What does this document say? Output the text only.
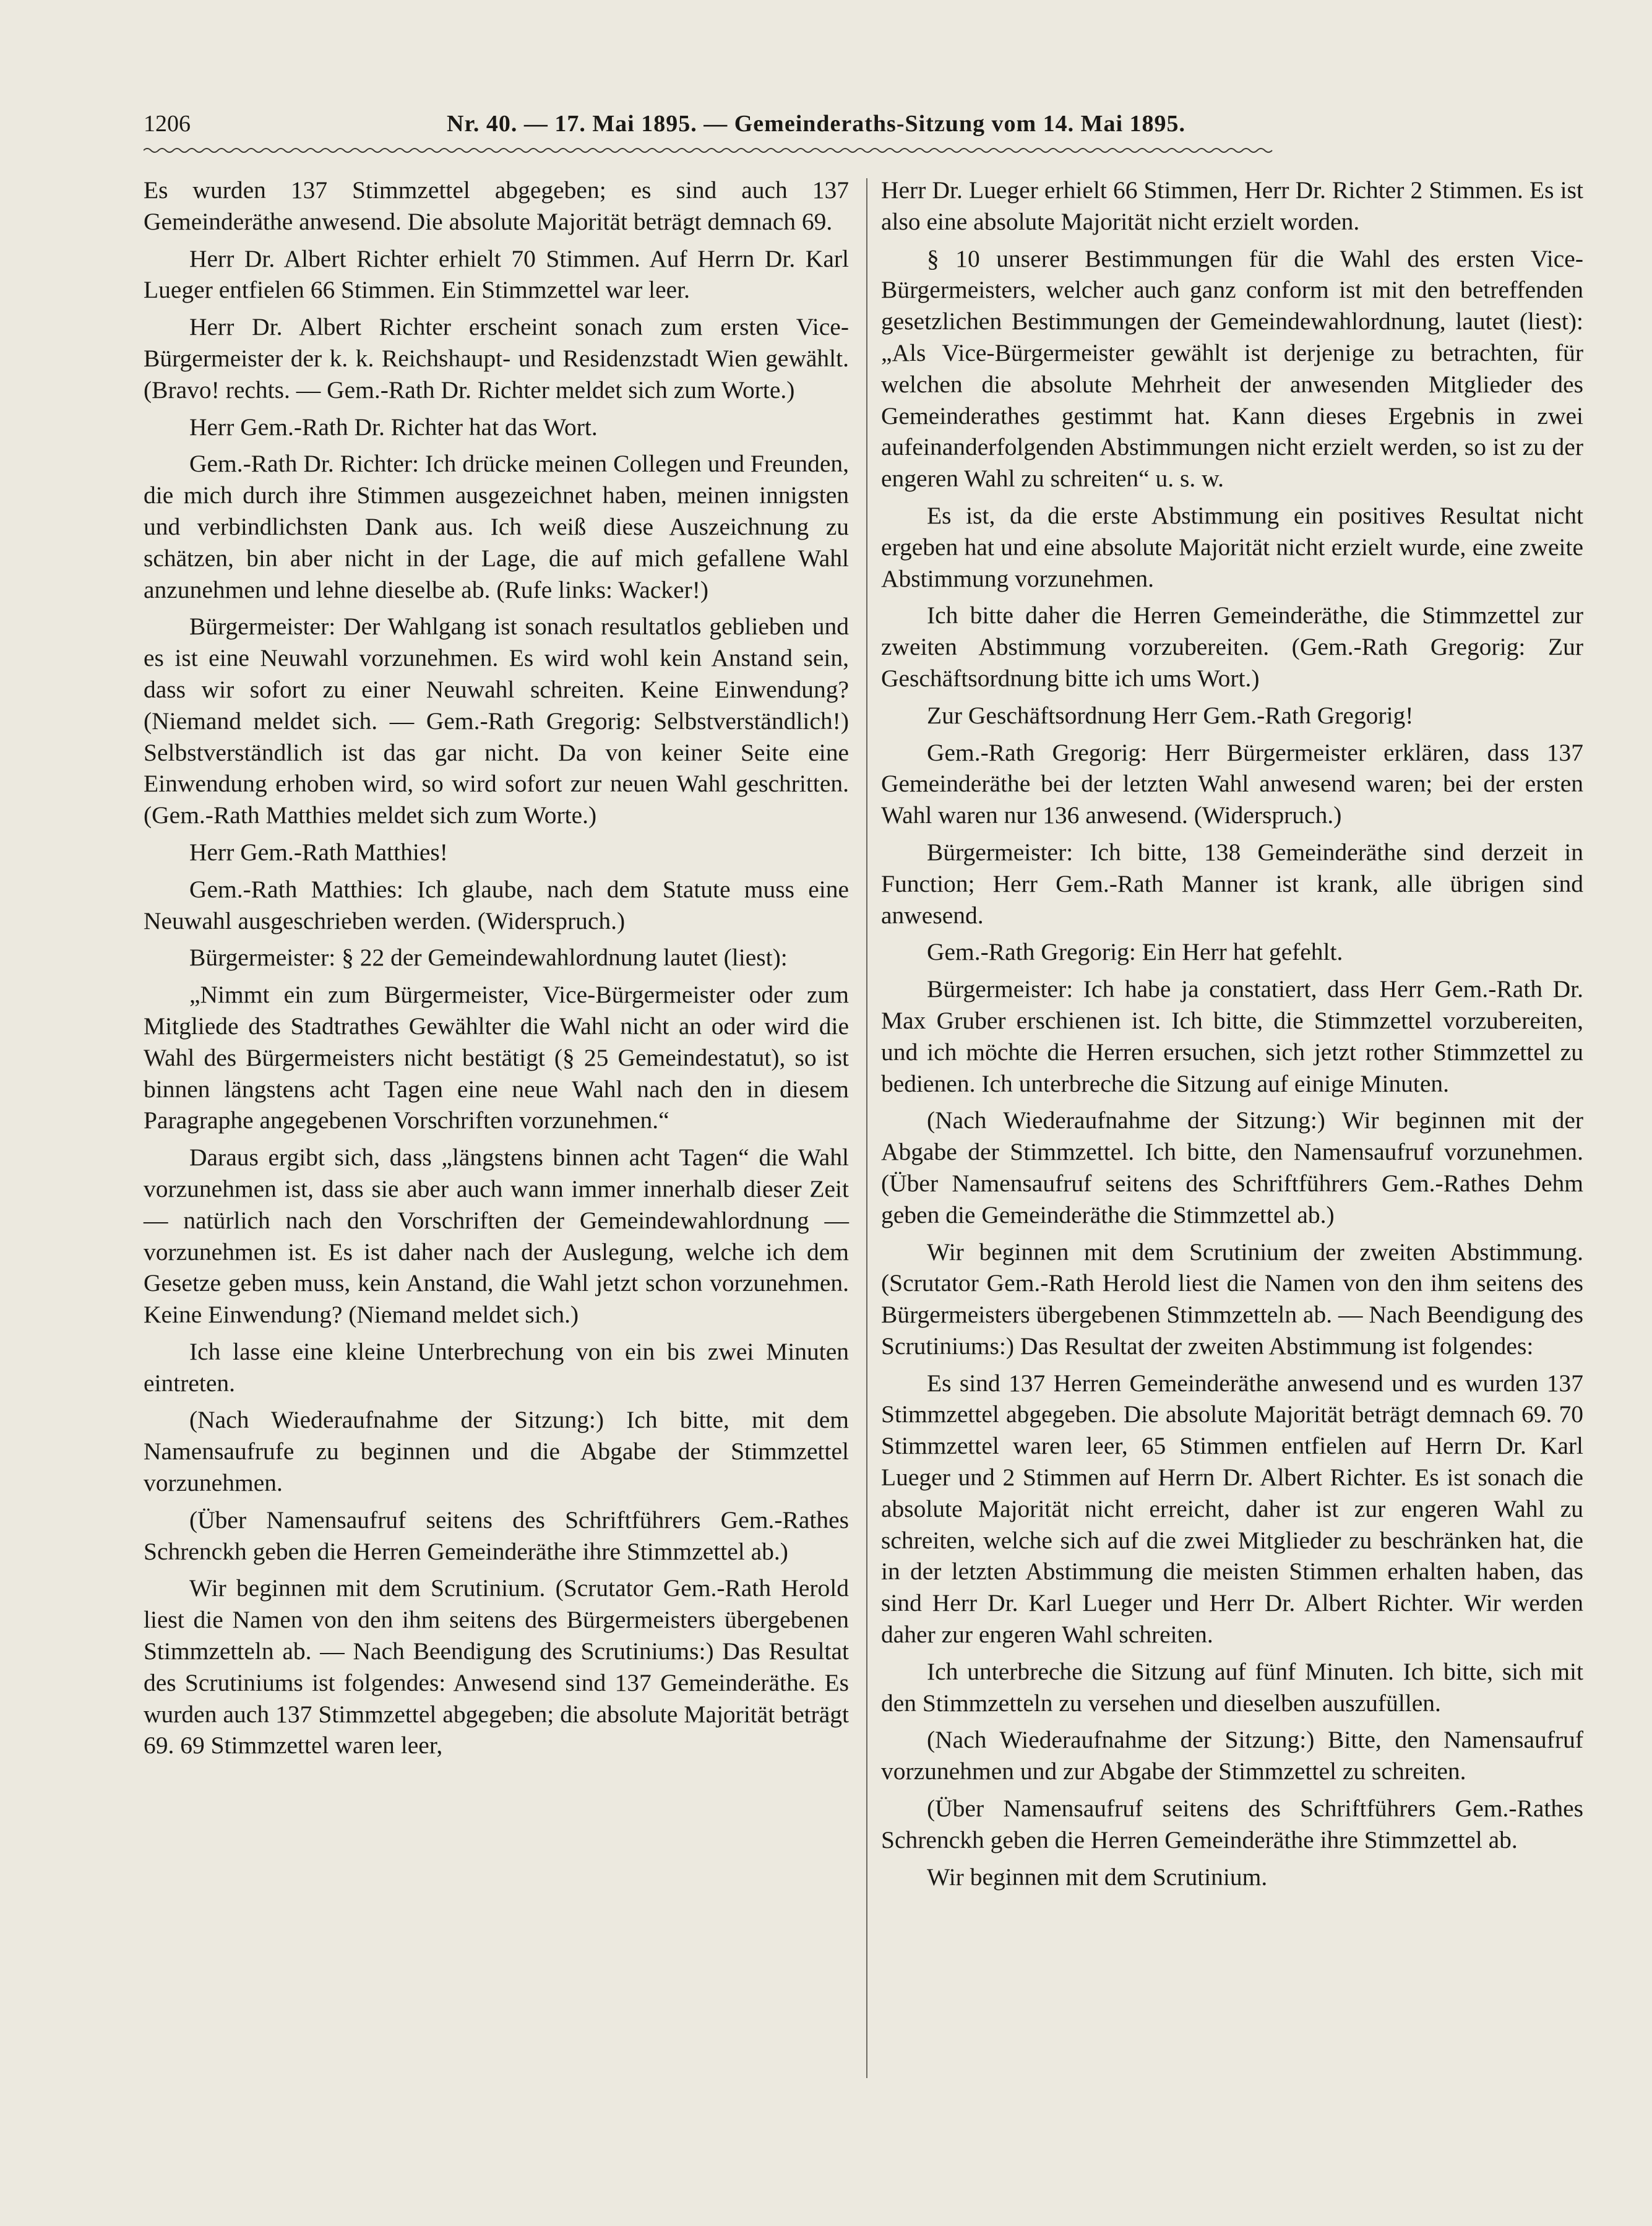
1206	Nr. 40. — 17. Mai 1895. — Gemeinderaths-Sitzung vom 14. Mai 1895.

Es wurden 137 Stimmzettel abgegeben; es sind auch 137 Gemeinderäthe anwesend. Die absolute Majorität beträgt demnach 69.

Herr Dr. Albert Richter erhielt 70 Stimmen. Auf Herrn Dr. Karl Lueger entfielen 66 Stimmen. Ein Stimmzettel war leer.

Herr Dr. Albert Richter erscheint sonach zum ersten Vice-Bürgermeister der k. k. Reichshaupt- und Residenzstadt Wien gewählt. (Bravo! rechts. — Gem.-Rath Dr. Richter meldet sich zum Worte.)

Herr Gem.-Rath Dr. Richter hat das Wort.

Gem.-Rath Dr. Richter: Ich drücke meinen Collegen und Freunden, die mich durch ihre Stimmen ausgezeichnet haben, meinen innigsten und verbindlichsten Dank aus. Ich weiß diese Auszeichnung zu schätzen, bin aber nicht in der Lage, die auf mich gefallene Wahl anzunehmen und lehne dieselbe ab. (Rufe links: Wacker!)

Bürgermeister: Der Wahlgang ist sonach resultatlos geblieben und es ist eine Neuwahl vorzunehmen. Es wird wohl kein Anstand sein, dass wir sofort zu einer Neuwahl schreiten. Keine Einwendung? (Niemand meldet sich. — Gem.-Rath Gregorig: Selbstverständlich!) Selbstverständlich ist das gar nicht. Da von keiner Seite eine Einwendung erhoben wird, so wird sofort zur neuen Wahl geschritten. (Gem.-Rath Matthies meldet sich zum Worte.)

Herr Gem.-Rath Matthies!

Gem.-Rath Matthies: Ich glaube, nach dem Statute muss eine Neuwahl ausgeschrieben werden. (Widerspruch.)

Bürgermeister: § 22 der Gemeindewahlordnung lautet (liest):

„Nimmt ein zum Bürgermeister, Vice-Bürgermeister oder zum Mitgliede des Stadtrathes Gewählter die Wahl nicht an oder wird die Wahl des Bürgermeisters nicht bestätigt (§ 25 Gemeindestatut), so ist binnen längstens acht Tagen eine neue Wahl nach den in diesem Paragraphe angegebenen Vorschriften vorzunehmen.“

Daraus ergibt sich, dass „längstens binnen acht Tagen“ die Wahl vorzunehmen ist, dass sie aber auch wann immer innerhalb dieser Zeit — natürlich nach den Vorschriften der Gemeindewahlordnung — vorzunehmen ist. Es ist daher nach der Auslegung, welche ich dem Gesetze geben muss, kein Anstand, die Wahl jetzt schon vorzunehmen. Keine Einwendung? (Niemand meldet sich.)

Ich lasse eine kleine Unterbrechung von ein bis zwei Minuten eintreten.

(Nach Wiederaufnahme der Sitzung:) Ich bitte, mit dem Namensaufrufe zu beginnen und die Abgabe der Stimmzettel vorzunehmen.

(Über Namensaufruf seitens des Schriftführers Gem.-Rathes Schrenckh geben die Herren Gemeinderäthe ihre Stimmzettel ab.)

Wir beginnen mit dem Scrutinium. (Scrutator Gem.-Rath Herold liest die Namen von den ihm seitens des Bürgermeisters übergebenen Stimmzetteln ab. — Nach Beendigung des Scrutiniums:) Das Resultat des Scrutiniums ist folgendes: Anwesend sind 137 Gemeinderäthe. Es wurden auch 137 Stimmzettel abgegeben; die absolute Majorität beträgt 69. 69 Stimmzettel waren leer,

Herr Dr. Lueger erhielt 66 Stimmen, Herr Dr. Richter 2 Stimmen. Es ist also eine absolute Majorität nicht erzielt worden.

§ 10 unserer Bestimmungen für die Wahl des ersten Vice-Bürgermeisters, welcher auch ganz conform ist mit den betreffenden gesetzlichen Bestimmungen der Gemeindewahlordnung, lautet (liest): „Als Vice-Bürgermeister gewählt ist derjenige zu betrachten, für welchen die absolute Mehrheit der anwesenden Mitglieder des Gemeinderathes gestimmt hat. Kann dieses Ergebnis in zwei aufeinanderfolgenden Abstimmungen nicht erzielt werden, so ist zu der engeren Wahl zu schreiten“ u. s. w.

Es ist, da die erste Abstimmung ein positives Resultat nicht ergeben hat und eine absolute Majorität nicht erzielt wurde, eine zweite Abstimmung vorzunehmen.

Ich bitte daher die Herren Gemeinderäthe, die Stimmzettel zur zweiten Abstimmung vorzubereiten. (Gem.-Rath Gregorig: Zur Geschäftsordnung bitte ich ums Wort.)

Zur Geschäftsordnung Herr Gem.-Rath Gregorig!

Gem.-Rath Gregorig: Herr Bürgermeister erklären, dass 137 Gemeinderäthe bei der letzten Wahl anwesend waren; bei der ersten Wahl waren nur 136 anwesend. (Widerspruch.)

Bürgermeister: Ich bitte, 138 Gemeinderäthe sind derzeit in Function; Herr Gem.-Rath Manner ist krank, alle übrigen sind anwesend.

Gem.-Rath Gregorig: Ein Herr hat gefehlt.

Bürgermeister: Ich habe ja constatiert, dass Herr Gem.-Rath Dr. Max Gruber erschienen ist. Ich bitte, die Stimmzettel vorzubereiten, und ich möchte die Herren ersuchen, sich jetzt rother Stimmzettel zu bedienen. Ich unterbreche die Sitzung auf einige Minuten.

(Nach Wiederaufnahme der Sitzung:) Wir beginnen mit der Abgabe der Stimmzettel. Ich bitte, den Namensaufruf vorzunehmen. (Über Namensaufruf seitens des Schriftführers Gem.-Rathes Dehm geben die Gemeinderäthe die Stimmzettel ab.)

Wir beginnen mit dem Scrutinium der zweiten Abstimmung. (Scrutator Gem.-Rath Herold liest die Namen von den ihm seitens des Bürgermeisters übergebenen Stimmzetteln ab. — Nach Beendigung des Scrutiniums:) Das Resultat der zweiten Abstimmung ist folgendes:

Es sind 137 Herren Gemeinderäthe anwesend und es wurden 137 Stimmzettel abgegeben. Die absolute Majorität beträgt demnach 69. 70 Stimmzettel waren leer, 65 Stimmen entfielen auf Herrn Dr. Karl Lueger und 2 Stimmen auf Herrn Dr. Albert Richter. Es ist sonach die absolute Majorität nicht erreicht, daher ist zur engeren Wahl zu schreiten, welche sich auf die zwei Mitglieder zu beschränken hat, die in der letzten Abstimmung die meisten Stimmen erhalten haben, das sind Herr Dr. Karl Lueger und Herr Dr. Albert Richter. Wir werden daher zur engeren Wahl schreiten.

Ich unterbreche die Sitzung auf fünf Minuten. Ich bitte, sich mit den Stimmzetteln zu versehen und dieselben auszufüllen.

(Nach Wiederaufnahme der Sitzung:) Bitte, den Namensaufruf vorzunehmen und zur Abgabe der Stimmzettel zu schreiten.

(Über Namensaufruf seitens des Schriftführers Gem.-Rathes Schrenckh geben die Herren Gemeinderäthe ihre Stimmzettel ab.

Wir beginnen mit dem Scrutinium.
